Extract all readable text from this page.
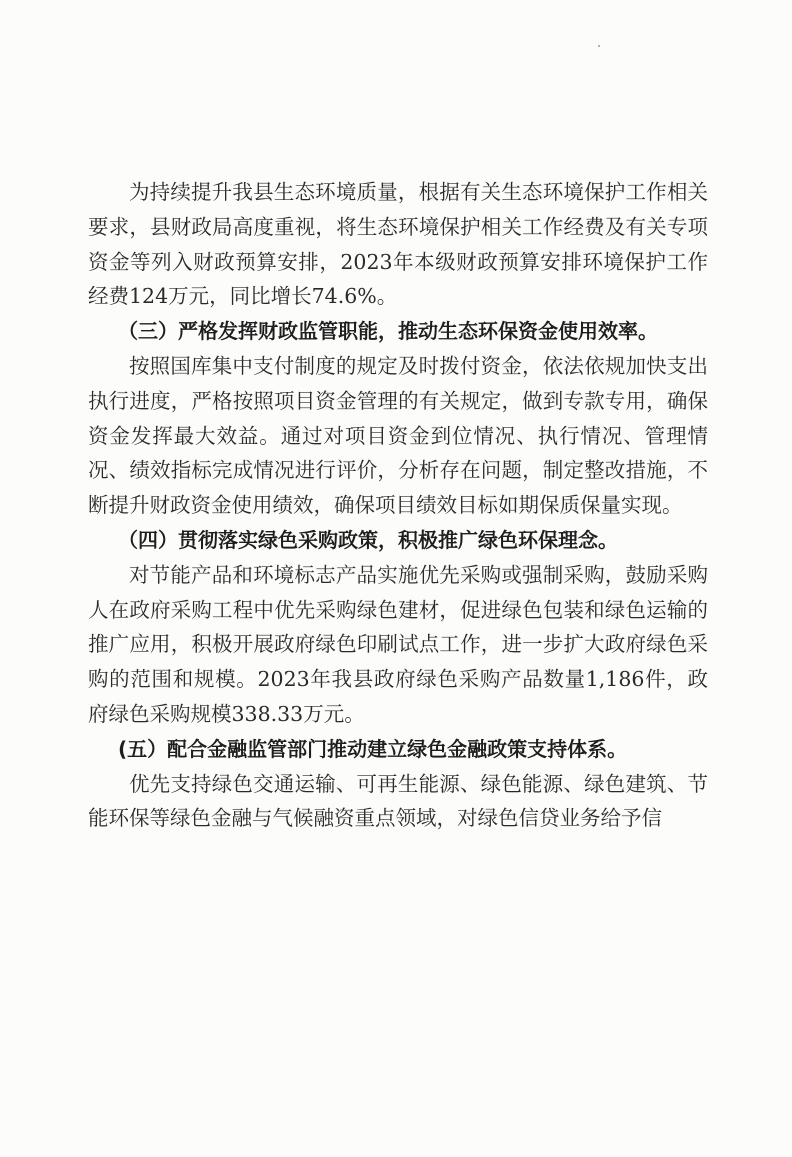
为持续提升我县生态环境质量，根据有关生态环境保护工作相关要求，县财政局高度重视，将生态环境保护相关工作经费及有关专项资金等列入财政预算安排，2023年本级财政预算安排环境保护工作经费124万元，同比增长74.6%。

（三）严格发挥财政监管职能，推动生态环保资金使用效率。

按照国库集中支付制度的规定及时拨付资金，依法依规加快支出执行进度，严格按照项目资金管理的有关规定，做到专款专用，确保资金发挥最大效益。通过对项目资金到位情况、执行情况、管理情况、绩效指标完成情况进行评价，分析存在问题，制定整改措施，不断提升财政资金使用绩效，确保项目绩效目标如期保质保量实现。

（四）贯彻落实绿色采购政策，积极推广绿色环保理念。

对节能产品和环境标志产品实施优先采购或强制采购，鼓励采购人在政府采购工程中优先采购绿色建材，促进绿色包装和绿色运输的推广应用，积极开展政府绿色印刷试点工作，进一步扩大政府绿色采购的范围和规模。2023年我县政府绿色采购产品数量1,186件，政府绿色采购规模338.33万元。

(五）配合金融监管部门推动建立绿色金融政策支持体系。

优先支持绿色交通运输、可再生能源、绿色能源、绿色建筑、节能环保等绿色金融与气候融资重点领域，对绿色信贷业务给予信
